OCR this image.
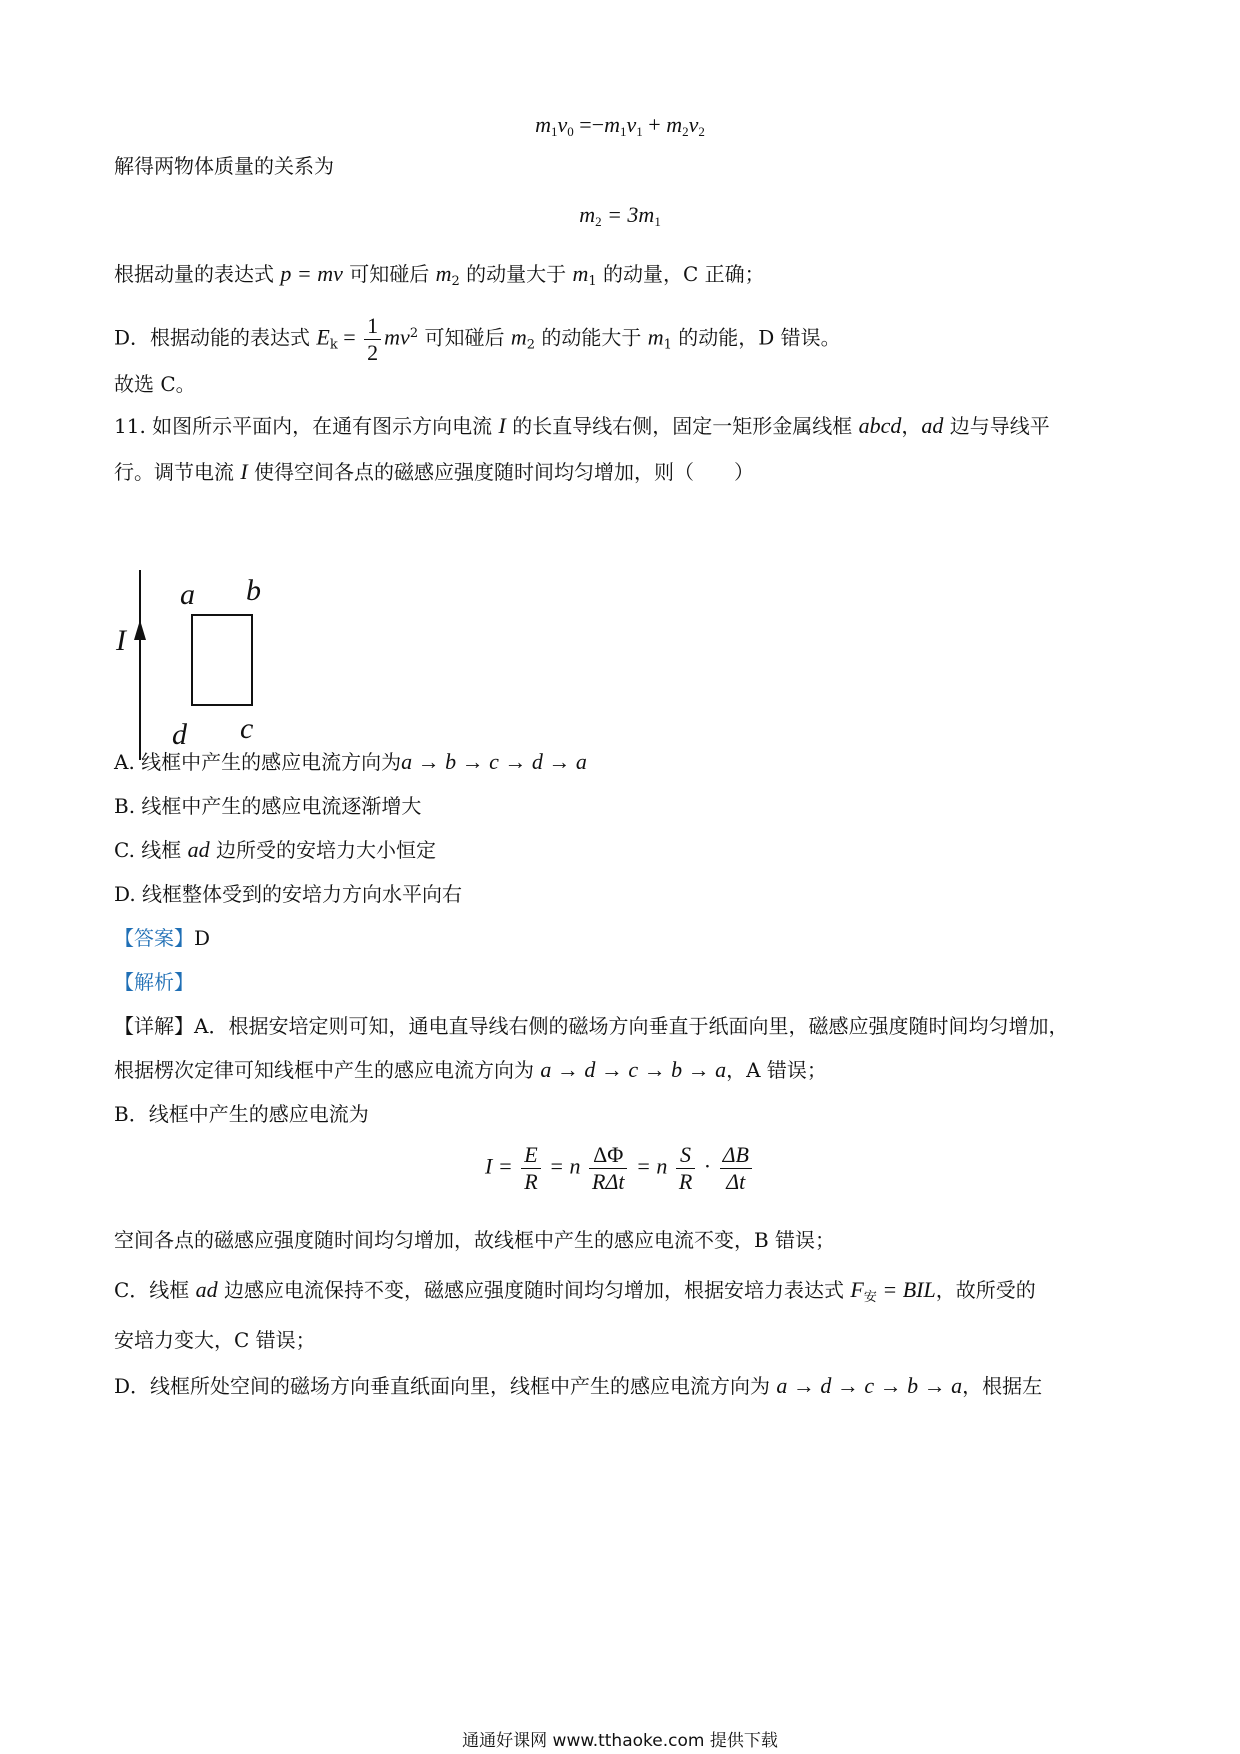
$m_1v_0 =-m_1v_1 + m_2v_2$
解得两物体质量的关系为
$m_2 = 3m_1$
根据动量的表达式 p = mv 可知碰后 $m_2$ 的动量大于 $m_1$ 的动量，C 正确；
D．根据动能的表达式 $E_k = \frac{1}{2} mv^2$ 可知碰后 $m_2$ 的动能大于 $m_1$ 的动能，D 错误。
故选 C。
11. 如图所示平面内，在通有图示方向电流 I 的长直导线右侧，固定一矩形金属线框 abcd，ad 边与导线平
行。调节电流 I 使得空间各点的磁感应强度随时间均匀增加，则（　　）
I
a b
c
d
A. 线框中产生的感应电流方向为a → b → c → d → a
B. 线框中产生的感应电流逐渐增大
C. 线框 ad 边所受的安培力大小恒定
D. 线框整体受到的安培力方向水平向右
【答案】D
【解析】
【详解】A．根据安培定则可知，通电直导线右侧的磁场方向垂直于纸面向里，磁感应强度随时间均匀增加，
根据楞次定律可知线框中产生的感应电流方向为 a → d → c → b → a，A 错误；
B．线框中产生的感应电流为
$I = \frac{E}{R} = n \frac{\Delta\Phi}{\text{RΔt}} = n \frac{S}{R} \cdot \frac{\Delta B}{\Delta t}$
空间各点的磁感应强度随时间均匀增加，故线框中产生的感应电流不变，B 错误；
C．线框 ad 边感应电流保持不变，磁感应强度随时间均匀增加，根据安培力表达式 $F_安$ = BIL，故所受的
安培力变大，C 错误；
D．线框所处空间的磁场方向垂直纸面向里，线框中产生的感应电流方向为 a → d → c → b → a，根据左
通通好课网 www.tthaoke.com 提供下载
